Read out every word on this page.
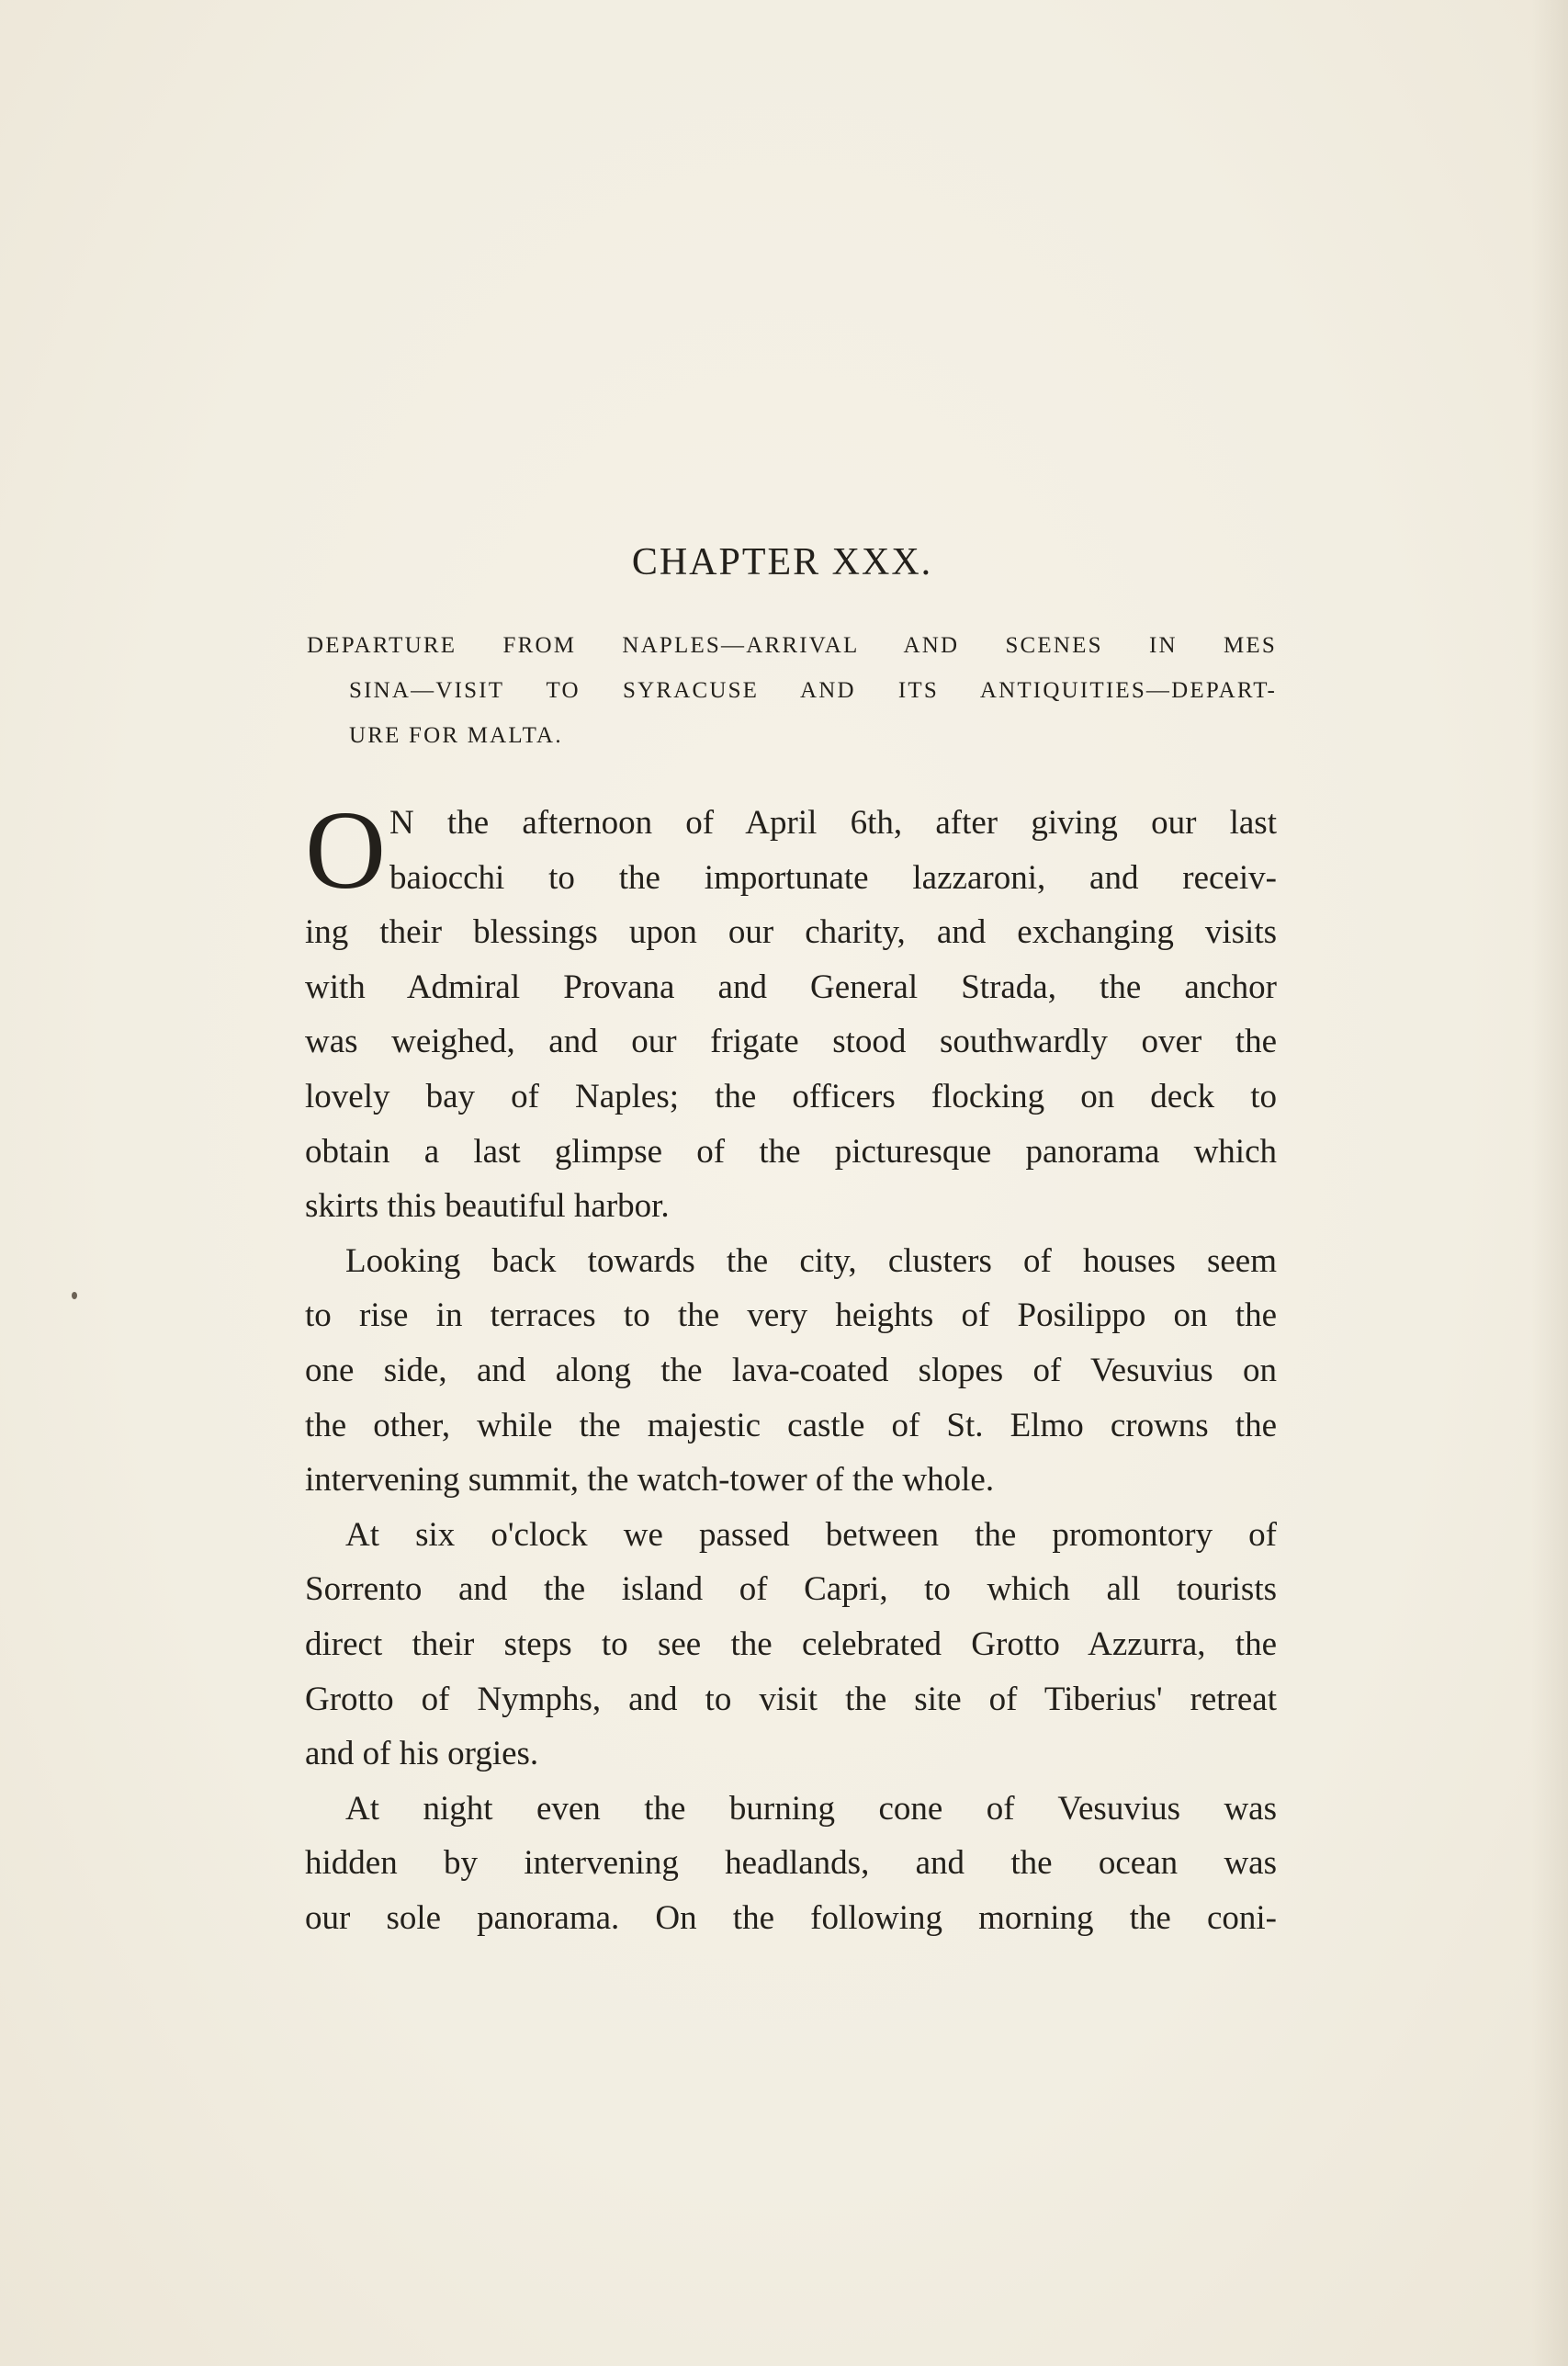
CHAPTER XXX.
DEPARTURE FROM NAPLES—ARRIVAL AND SCENES IN MES
SINA—VISIT TO SYRACUSE AND ITS ANTIQUITIES—DEPART-
URE FOR MALTA.
O N the afternoon of April 6th, after giving our last
baiocchi to the importunate lazzaroni, and receiv-
ing their blessings upon our charity, and exchanging visits
with Admiral Provana and General Strada, the anchor
was weighed, and our frigate stood southwardly over the
lovely bay of Naples; the officers flocking on deck to
obtain a last glimpse of the picturesque panorama which
skirts this beautiful harbor.
Looking back towards the city, clusters of houses seem
to rise in terraces to the very heights of Posilippo on the
one side, and along the lava-coated slopes of Vesuvius on
the other, while the majestic castle of St. Elmo crowns the
intervening summit, the watch-tower of the whole.
At six o'clock we passed between the promontory of
Sorrento and the island of Capri, to which all tourists
direct their steps to see the celebrated Grotto Azzurra, the
Grotto of Nymphs, and to visit the site of Tiberius' retreat
and of his orgies.
At night even the burning cone of Vesuvius was
hidden by intervening headlands, and the ocean was
our sole panorama. On the following morning the coni-
